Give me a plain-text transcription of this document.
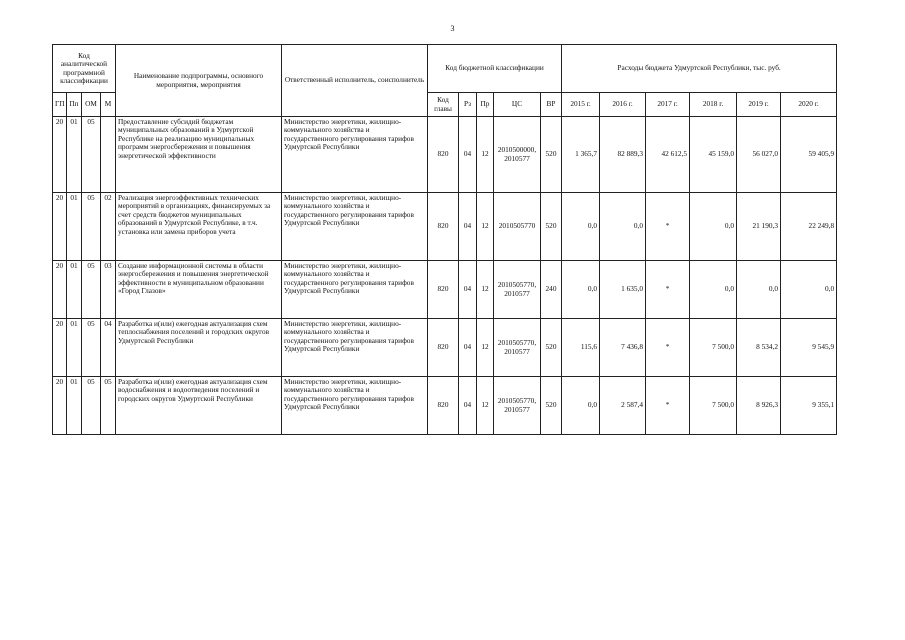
3
Код аналитической программной классификации				Наименование подпрограммы, основного мероприятия, мероприятия	Ответственный исполнитель, соисполнитель	Код бюджетной классификации					Расходы бюджета Удмуртской Республики, тыс. руб.					
ГП	Пп	ОМ	М			Код главы	Рз	Пр	ЦС	ВР	2015 г.	2016 г.	2017 г.	2018 г.	2019 г.	2020 г.
20	01	05		Предоставление субсидий бюджетам муниципальных образований в Удмуртской Республике на реализацию муниципальных программ энергосбережения и повышения энергетической эффективности	Министерство энергетики, жилищно-коммунального хозяйства и государственного регулирования тарифов Удмуртской Республики	820	04	12	2010500000, 2010577	520	1 365,7	82 889,3	42 612,5	45 159,0	56 027,0	59 405,9
20	01	05	02	Реализация энергоэффективных технических мероприятий в организациях, финансируемых за счет средств бюджетов муниципальных образований в Удмуртской Республике, в т.ч. установка или замена приборов учета	Министерство энергетики, жилищно-коммунального хозяйства и государственного регулирования тарифов Удмуртской Республики	820	04	12	2010505770	520	0,0	0,0	*	0,0	21 190,3	22 249,8
20	01	05	03	Создание информационной системы в области энергосбережения и повышения энергетической эффективности в муниципальном образовании «Город Глазов»	Министерство энергетики, жилищно-коммунального хозяйства и государственного регулирования тарифов Удмуртской Республики	820	04	12	2010505770, 2010577	240	0,0	1 635,0	*	0,0	0,0	0,0
20	01	05	04	Разработка и(или) ежегодная актуализация схем теплоснабжения поселений и городских округов Удмуртской Республики	Министерство энергетики, жилищно-коммунального хозяйства и государственного регулирования тарифов Удмуртской Республики	820	04	12	2010505770, 2010577	520	115,6	7 436,8	*	7 500,0	8 534,2	9 545,9
20	01	05	05	Разработка и(или) ежегодная актуализация схем водоснабжения и водоотведения поселений и городских округов Удмуртской Республики	Министерство энергетики, жилищно-коммунального хозяйства и государственного регулирования тарифов Удмуртской Республики	820	04	12	2010505770, 2010577	520	0,0	2 587,4	*	7 500,0	8 926,3	9 355,1
